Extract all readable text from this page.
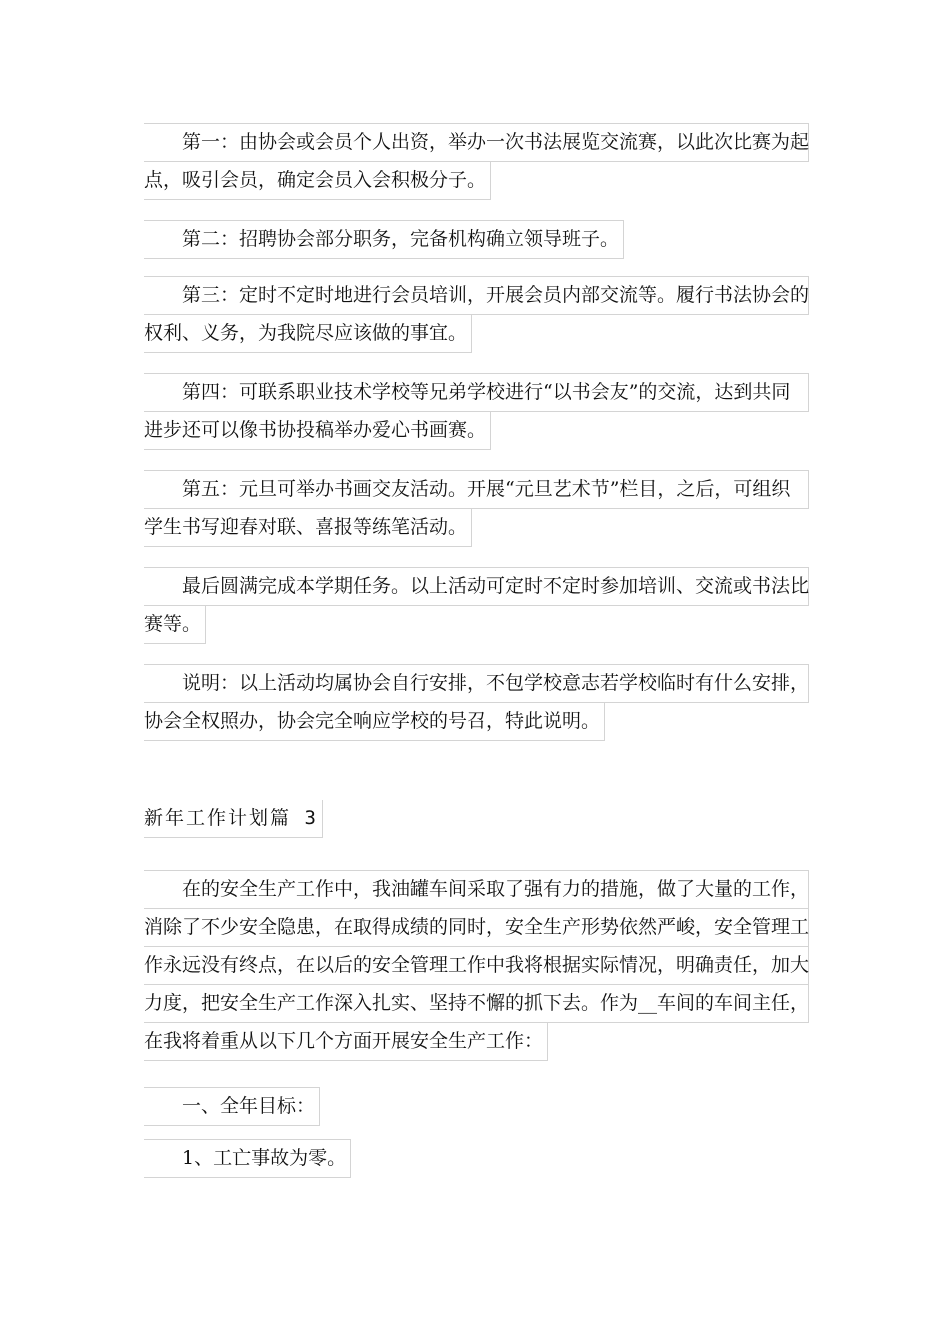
第一：由协会或会员个人出资，举办一次书法展览交流赛，以此次比赛为起
点，吸引会员，确定会员入会积极分子。
第二：招聘协会部分职务，完备机构确立领导班子。
第三：定时不定时地进行会员培训，开展会员内部交流等。履行书法协会的
权利、义务，为我院尽应该做的事宜。
第四：可联系职业技术学校等兄弟学校进行“以书会友”的交流，达到共同
进步还可以像书协投稿举办爱心书画赛。
第五：元旦可举办书画交友活动。开展“元旦艺术节”栏目，之后，可组织
学生书写迎春对联、喜报等练笔活动。
最后圆满完成本学期任务。以上活动可定时不定时参加培训、交流或书法比
赛等。
说明：以上活动均属协会自行安排，不包学校意志若学校临时有什么安排，
协会全权照办，协会完全响应学校的号召，特此说明。
新年工作计划篇 3
在的安全生产工作中，我油罐车间采取了强有力的措施，做了大量的工作，
消除了不少安全隐患，在取得成绩的同时，安全生产形势依然严峻，安全管理工
作永远没有终点，在以后的安全管理工作中我将根据实际情况，明确责任，加大
力度，把安全生产工作深入扎实、坚持不懈的抓下去。作为__车间的车间主任，
在我将着重从以下几个方面开展安全生产工作：
一、全年目标：
1、工亡事故为零。
